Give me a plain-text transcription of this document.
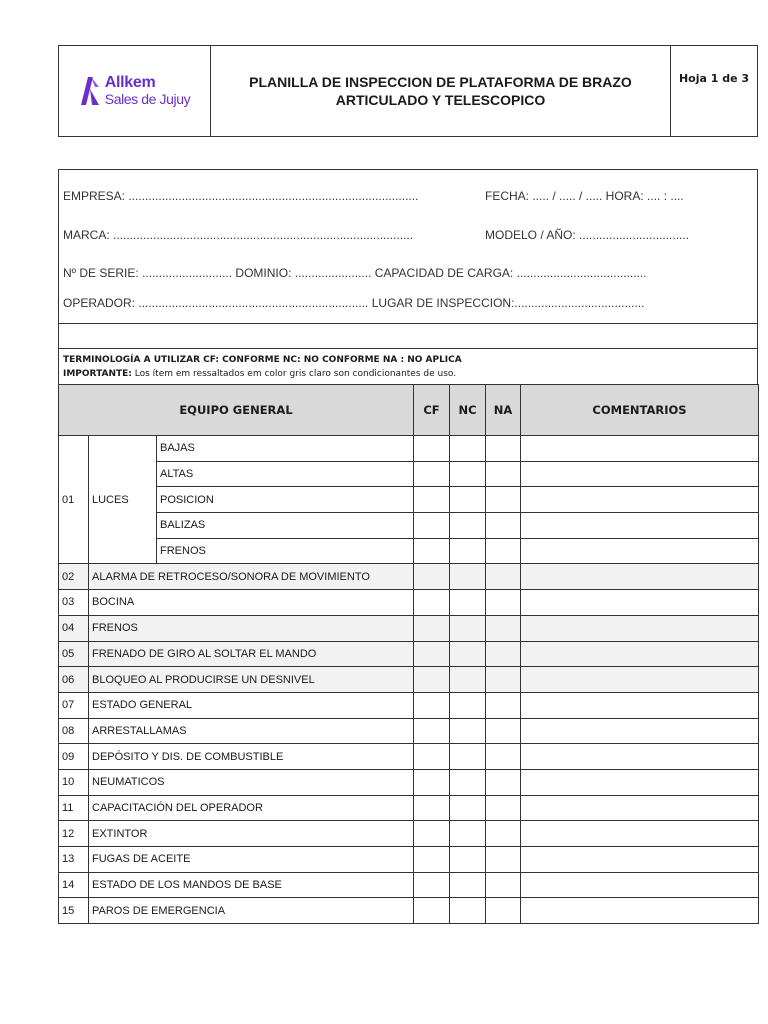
Allkem
Sales de Jujuy
PLANILLA DE INSPECCION DE PLATAFORMA DE BRAZO
ARTICULADO Y TELESCOPICO
Hoja 1 de 3
EMPRESA: .......................................................................................	FECHA: ..... / ..... / ..... HORA: .... : ....
MARCA: ..........................................................................................	MODELO / AÑO: .................................
Nº DE SERIE: ........................... DOMINIO: ....................... CAPACIDAD DE CARGA: .......................................
OPERADOR: ..................................................................... LUGAR DE INSPECCION:.......................................
TERMINOLOGÍA A UTILIZAR CF: CONFORME NC: NO CONFORME NA : NO APLICA
IMPORTANTE: Los ítem em ressaltados em color gris claro son condicionantes de uso.
EQUIPO GENERAL			CF	NC	NA	COMENTARIOS
01	LUCES	BAJAS				
		ALTAS				
		POSICION				
		BALIZAS				
		FRENOS				
02	ALARMA DE RETROCESO/SONORA DE MOVIMIENTO					
03	BOCINA					
04	FRENOS					
05	FRENADO DE GIRO AL SOLTAR EL MANDO					
06	BLOQUEO AL PRODUCIRSE UN DESNIVEL					
07	ESTADO GENERAL					
08	ARRESTALLAMAS					
09	DEPÓSITO Y DIS. DE COMBUSTIBLE					
10	NEUMATICOS					
11	CAPACITACIÓN DEL OPERADOR					
12	EXTINTOR					
13	FUGAS DE ACEITE					
14	ESTADO DE LOS MANDOS DE BASE					
15	PAROS DE EMERGENCIA					
